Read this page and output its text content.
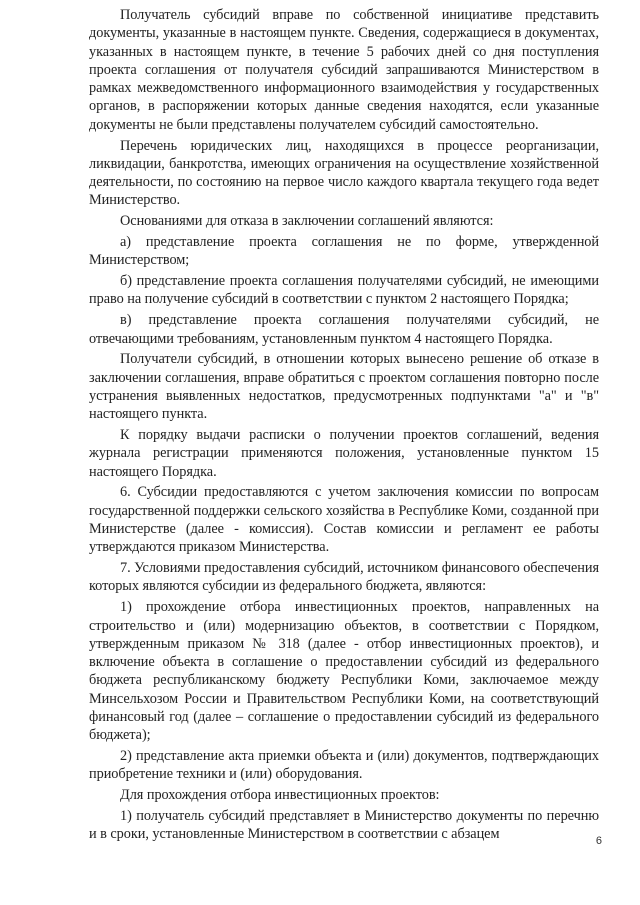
Получатель субсидий вправе по собственной инициативе представить документы, указанные в настоящем пункте. Сведения, содержащиеся в документах, указанных в настоящем пункте, в течение 5 рабочих дней со дня поступления проекта соглашения от получателя субсидий запрашиваются Министерством в рамках межведомственного информационного взаимодействия у государственных органов, в распоряжении которых данные сведения находятся, если указанные документы не были представлены получателем субсидий самостоятельно.

Перечень юридических лиц, находящихся в процессе реорганизации, ликвидации, банкротства, имеющих ограничения на осуществление хозяйственной деятельности, по состоянию на первое число каждого квартала текущего года ведет Министерство.

Основаниями для отказа в заключении соглашений являются:

а) представление проекта соглашения не по форме, утвержденной Министерством;

б) представление проекта соглашения получателями субсидий, не имеющими право на получение субсидий в соответствии с пунктом 2 настоящего Порядка;

в) представление проекта соглашения получателями субсидий, не отвечающими требованиям, установленным пунктом 4 настоящего Порядка.

Получатели субсидий, в отношении которых вынесено решение об отказе в заключении соглашения, вправе обратиться с проектом соглашения повторно после устранения выявленных недостатков, предусмотренных подпунктами "а" и "в" настоящего пункта.

К порядку выдачи расписки о получении проектов соглашений, ведения журнала регистрации применяются положения, установленные пунктом 15 настоящего Порядка.

6. Субсидии предоставляются с учетом заключения комиссии по вопросам государственной поддержки сельского хозяйства в Республике Коми, созданной при Министерстве (далее - комиссия). Состав комиссии и регламент ее работы утверждаются приказом Министерства.

7. Условиями предоставления субсидий, источником финансового обеспечения которых являются субсидии из федерального бюджета, являются:

1) прохождение отбора инвестиционных проектов, направленных на строительство и (или) модернизацию объектов, в соответствии с Порядком, утвержденным приказом № 318 (далее - отбор инвестиционных проектов), и включение объекта в соглашение о предоставлении субсидий из федерального бюджета республиканскому бюджету Республики Коми, заключаемое между Минсельхозом России и Правительством Республики Коми, на соответствующий финансовый год (далее – соглашение о предоставлении субсидий из федерального бюджета);

2) представление акта приемки объекта и (или) документов, подтверждающих приобретение техники и (или) оборудования.

Для прохождения отбора инвестиционных проектов:

1) получатель субсидий представляет в Министерство документы по перечню и в сроки, установленные Министерством в соответствии с абзацем	6
